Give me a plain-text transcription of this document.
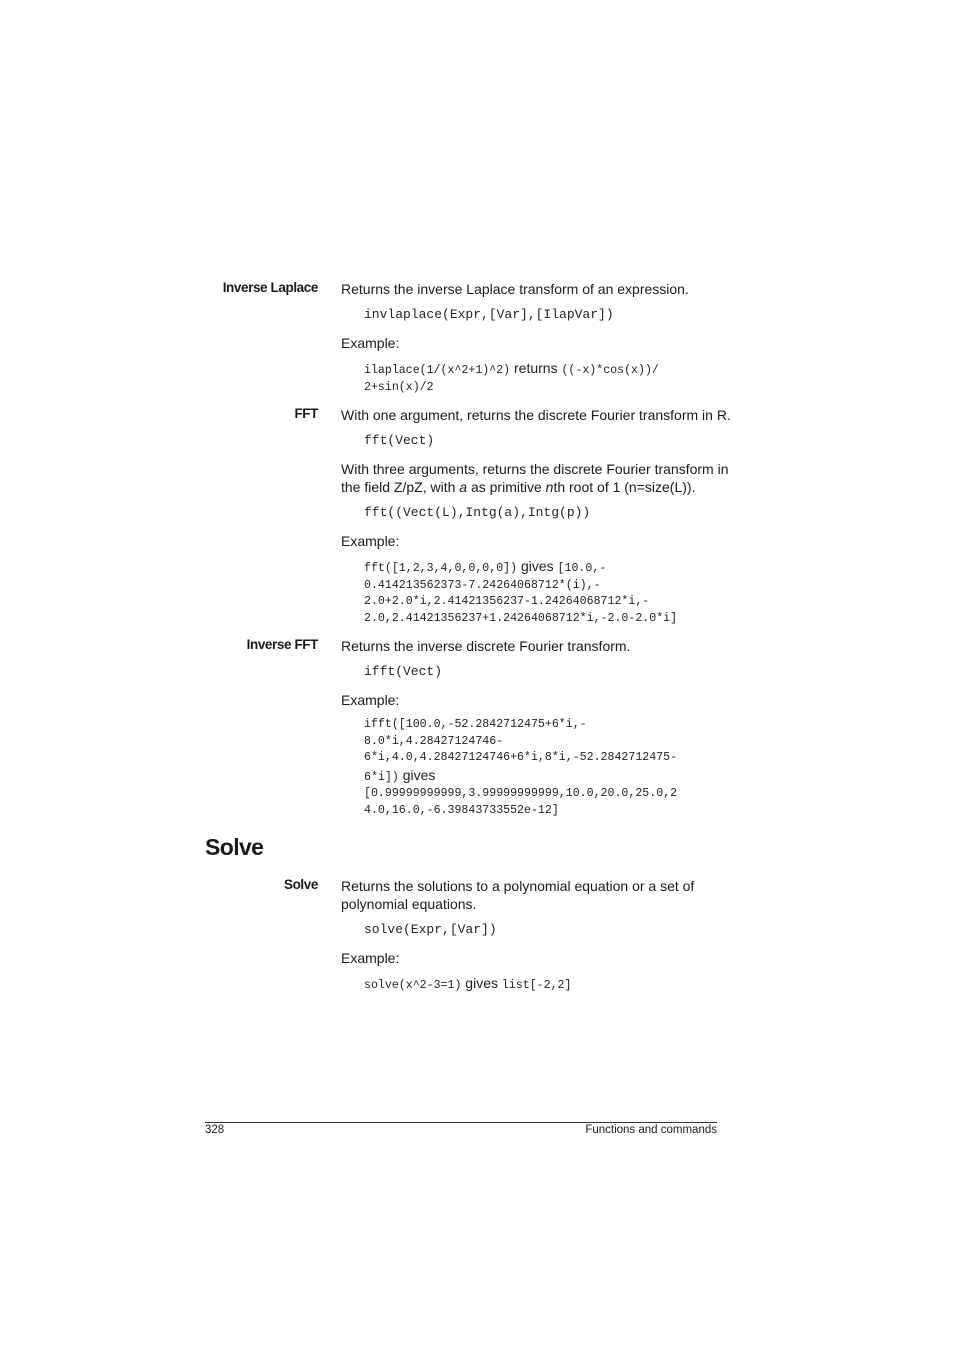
Inverse Laplace Returns the inverse Laplace transform of an expression.

invlaplace(Expr,[Var],[IlapVar])

Example:

ilaplace(1/(x^2+1)^2) returns ((-x)*cos(x))/
2+sin(x)/2
FFT With one argument, returns the discrete Fourier transform in R.

fft(Vect)

With three arguments, returns the discrete Fourier transform in

the field Z/pZ, with a as primitive nth root of 1 (n=size(L)).

fft((Vect(L),Intg(a),Intg(p))

Example:

fft([1,2,3,4,0,0,0,0]) gives [10.0,-
0.414213562373-7.24264068712*(i),-
2.0+2.0*i,2.41421356237-1.24264068712*i,-
2.0,2.41421356237+1.24264068712*i,-2.0-2.0*i]
Inverse FFT Returns the inverse discrete Fourier transform.

ifft(Vect)

Example:

ifft([100.0,-52.2842712475+6*i,-
8.0*i,4.28427124746-
6*i,4.0,4.28427124746+6*i,8*i,-52.2842712475-
6*i]) gives
[0.99999999999,3.99999999999,10.0,20.0,25.0,2
4.0,16.0,-6.39843733552e-12]
Solve
Solve Returns the solutions to a polynomial equation or a set of

polynomial equations.

solve(Expr,[Var])

Example:

solve(x^2-3=1) gives list[-2,2]
328	Functions and commands
